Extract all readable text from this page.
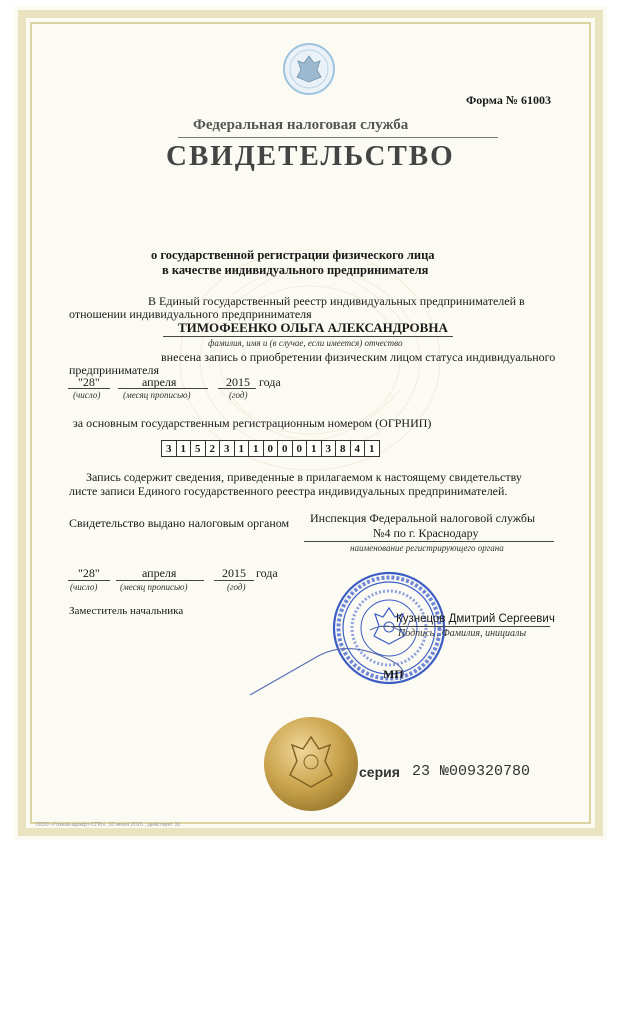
Форма № 61003
Федеральная налоговая служба
СВИДЕТЕЛЬСТВО
о государственной регистрации физического лица
в качестве индивидуального предпринимателя
В Единый государственный реестр индивидуальных предпринимателей в
отношении индивидуального предпринимателя
ТИМОФЕЕНКО ОЛЬГА АЛЕКСАНДРОВНА
фамилия, имя и (в случае, если имеется) отчество
внесена запись о приобретении физическим лицом статуса индивидуального
предпринимателя
"28"	апреля	2015 года
(число)	(месяц прописью)	(год)
за основным государственным регистрационным номером (ОГРНИП)
3 1 5 2 3 1 1 0 0 0 1 3 8 4 1
Запись содержит сведения, приведенные в прилагаемом к настоящему свидетельству
листе записи Единого государственного реестра индивидуальных предпринимателей.
Свидетельство выдано налоговым органом Инспекция Федеральной налоговой службы
№4 по г. Краснодару
наименование регистрирующего органа
"28"	апреля	2015 года
(число)	(месяц прописью)	(год)
Заместитель начальника
Кузнецов Дмитрий Сергеевич
Подпись , Фамилия, инициалы
МП
серия 23 №009320780
ООО «Гознак-шрифт-СПб», 10 июня 2015 ; действует 3с
